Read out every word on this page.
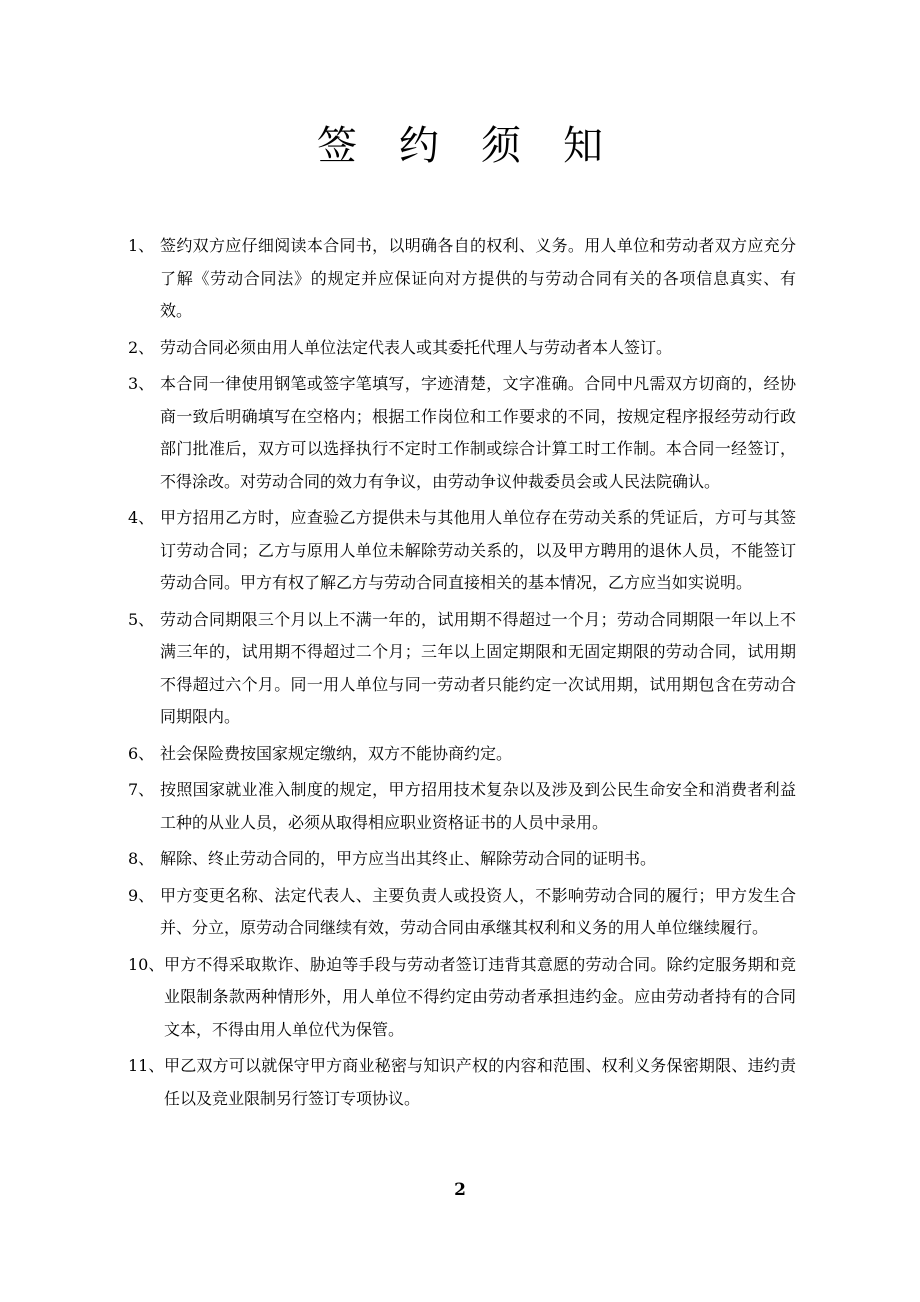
签约须知
1、 签约双方应仔细阅读本合同书，以明确各自的权利、义务。用人单位和劳动者双方应充分了解《劳动合同法》的规定并应保证向对方提供的与劳动合同有关的各项信息真实、有效。
2、 劳动合同必须由用人单位法定代表人或其委托代理人与劳动者本人签订。
3、 本合同一律使用钢笔或签字笔填写，字迹清楚，文字准确。合同中凡需双方切商的，经协商一致后明确填写在空格内；根据工作岗位和工作要求的不同，按规定程序报经劳动行政部门批准后，双方可以选择执行不定时工作制或综合计算工时工作制。本合同一经签订，不得涂改。对劳动合同的效力有争议，由劳动争议仲裁委员会或人民法院确认。
4、 甲方招用乙方时，应查验乙方提供未与其他用人单位存在劳动关系的凭证后，方可与其签订劳动合同；乙方与原用人单位未解除劳动关系的，以及甲方聘用的退休人员，不能签订劳动合同。甲方有权了解乙方与劳动合同直接相关的基本情况，乙方应当如实说明。
5、 劳动合同期限三个月以上不满一年的，试用期不得超过一个月；劳动合同期限一年以上不满三年的，试用期不得超过二个月；三年以上固定期限和无固定期限的劳动合同，试用期不得超过六个月。同一用人单位与同一劳动者只能约定一次试用期，试用期包含在劳动合同期限内。
6、 社会保险费按国家规定缴纳，双方不能协商约定。
7、 按照国家就业准入制度的规定，甲方招用技术复杂以及涉及到公民生命安全和消费者利益工种的从业人员，必须从取得相应职业资格证书的人员中录用。
8、 解除、终止劳动合同的，甲方应当出其终止、解除劳动合同的证明书。
9、 甲方变更名称、法定代表人、主要负责人或投资人，不影响劳动合同的履行；甲方发生合并、分立，原劳动合同继续有效，劳动合同由承继其权利和义务的用人单位继续履行。
10、 甲方不得采取欺诈、胁迫等手段与劳动者签订违背其意愿的劳动合同。除约定服务期和竞业限制条款两种情形外，用人单位不得约定由劳动者承担违约金。应由劳动者持有的合同文本，不得由用人单位代为保管。
11、 甲乙双方可以就保守甲方商业秘密与知识产权的内容和范围、权利义务保密期限、违约责任以及竞业限制另行签订专项协议。
2
